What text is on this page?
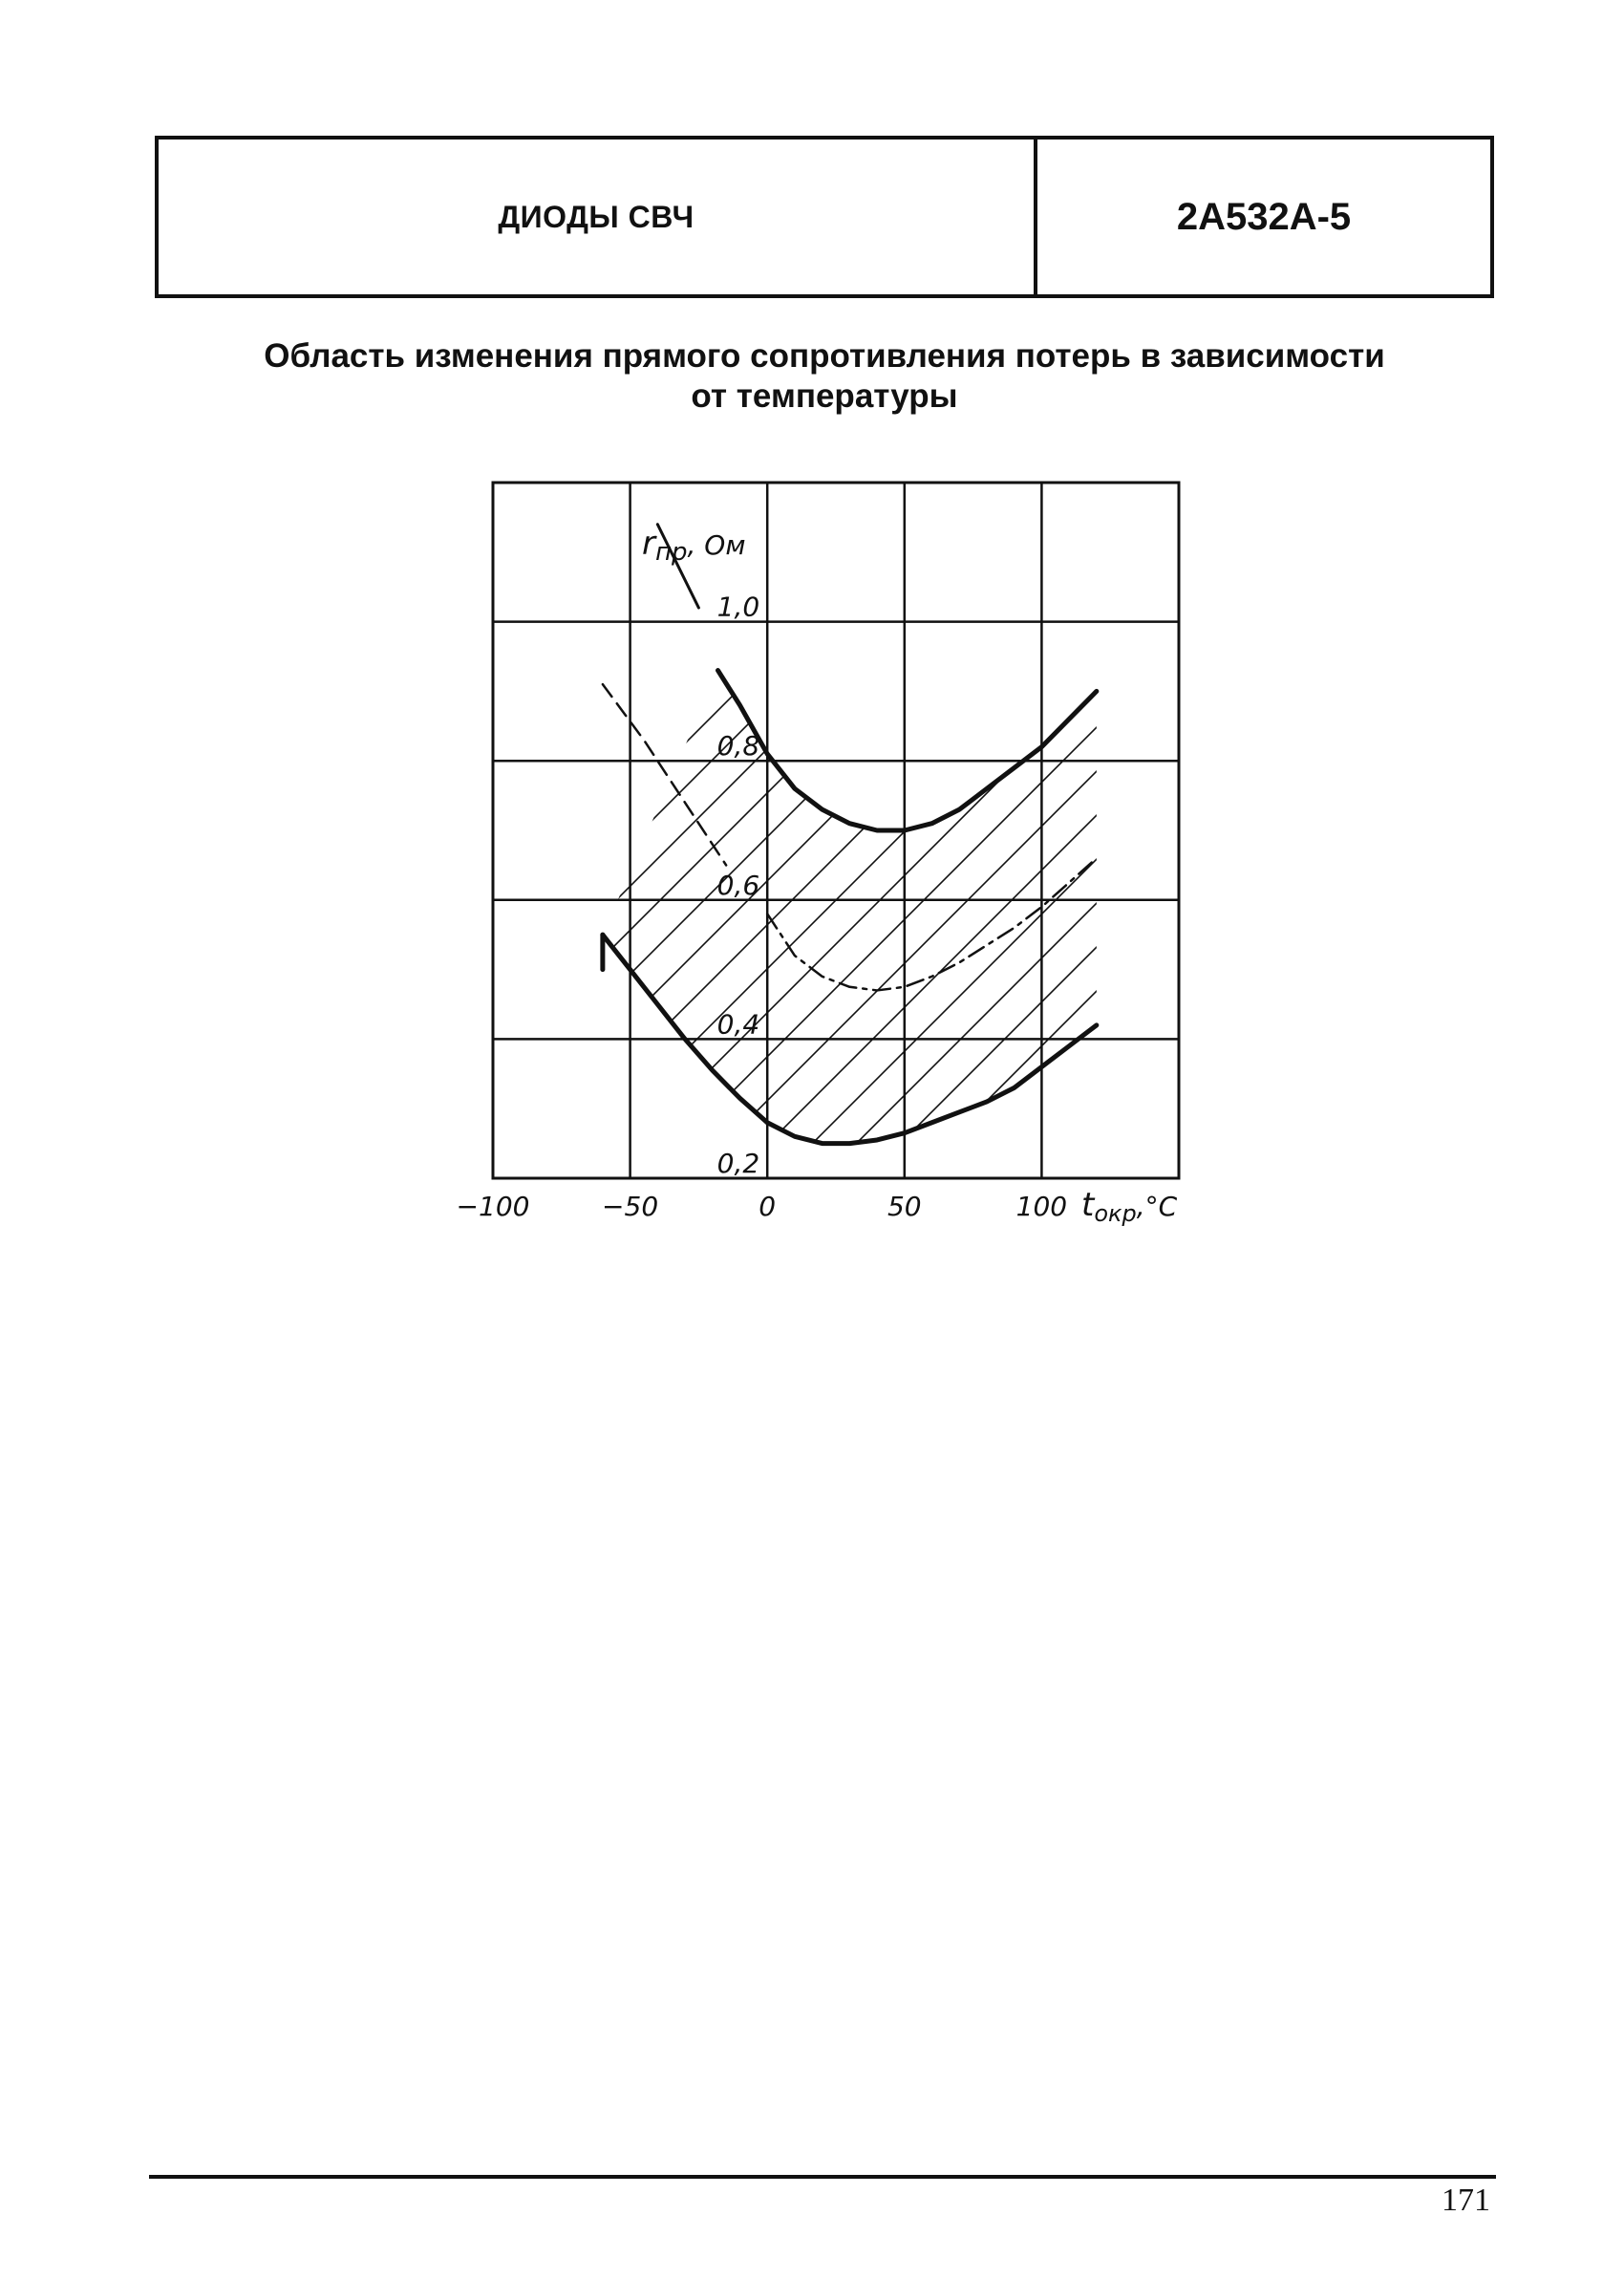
ДИОДЫ СВЧ	2А532А-5
Область изменения прямого сопротивления потерь в зависимости
от температуры
−100	−50	0	50	100
0,2
0,4
0,6
0,8
1,0
rпр, Ом
tокр,°C
171
